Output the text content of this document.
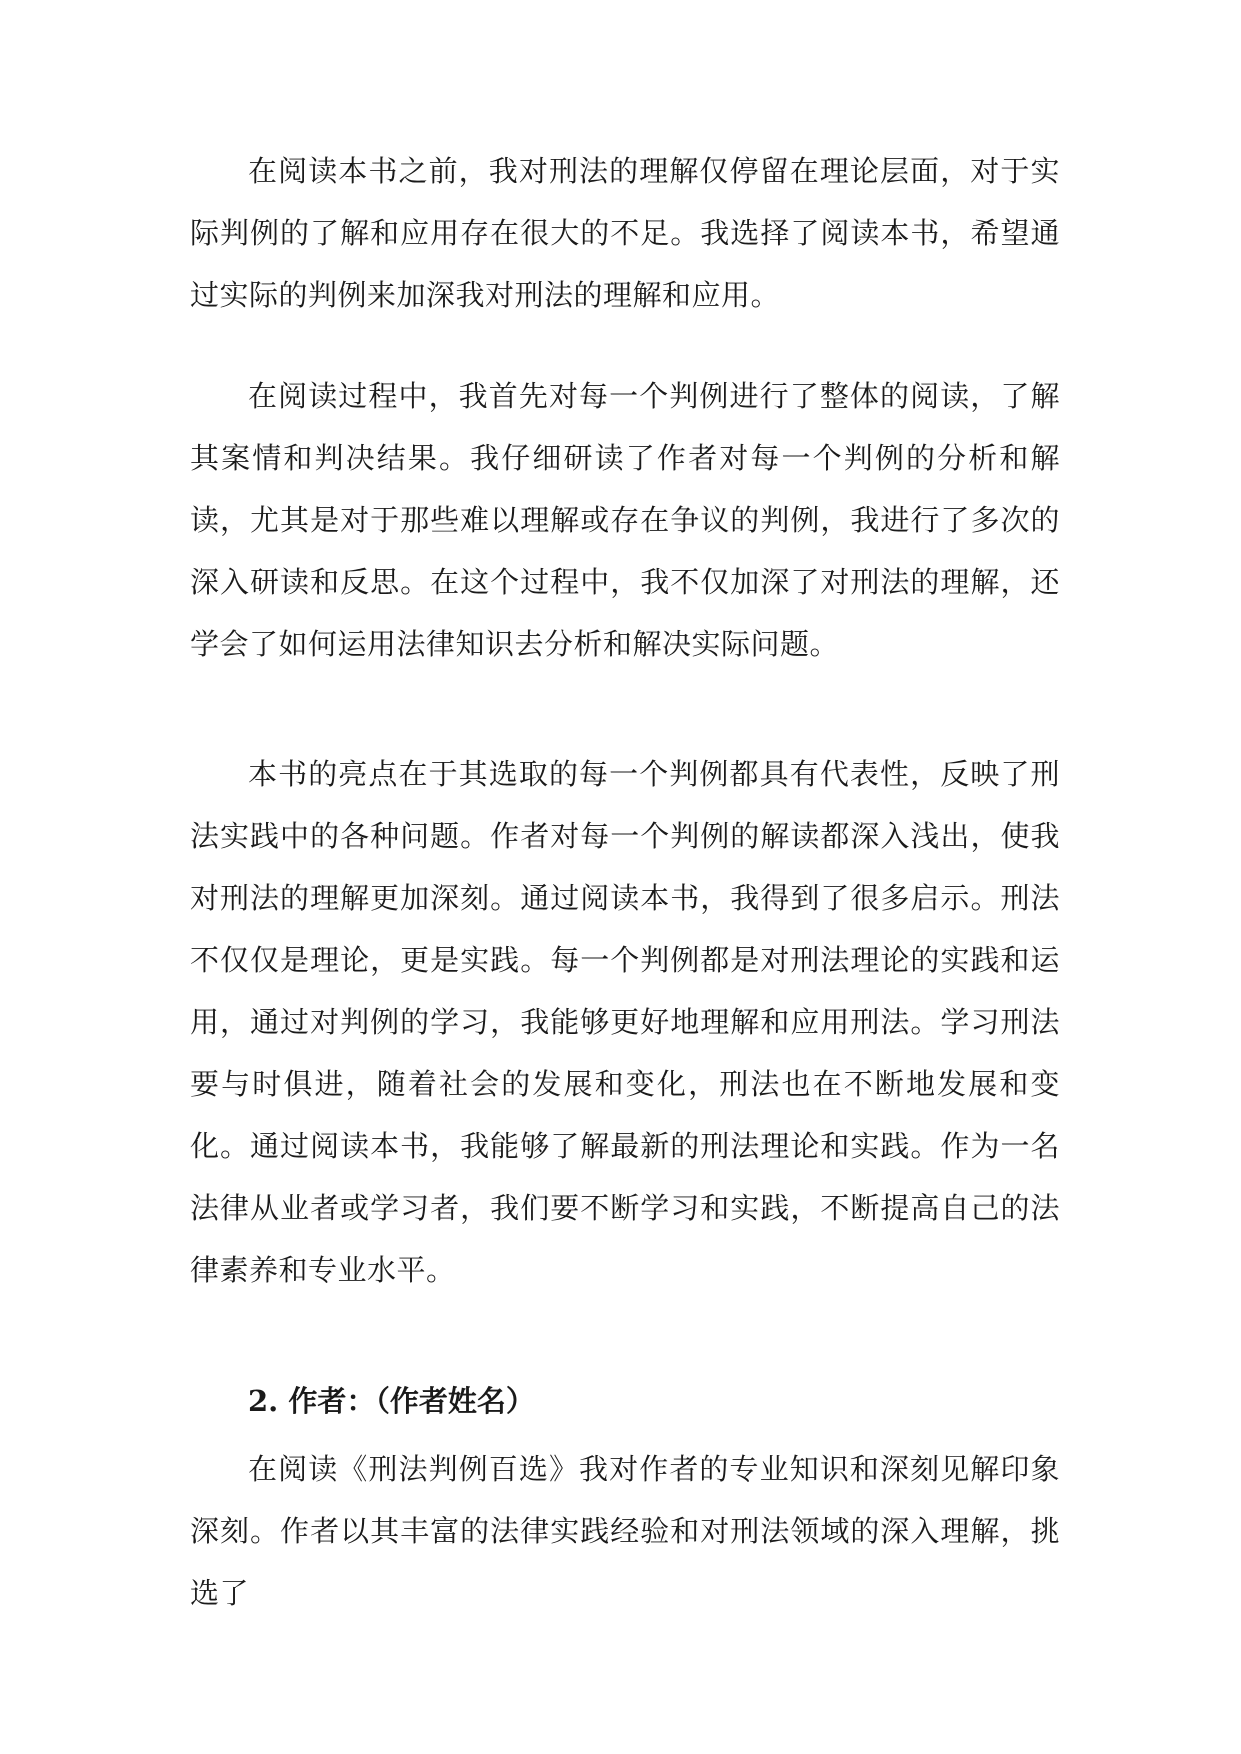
在阅读本书之前，我对刑法的理解仅停留在理论层面，对于实际判例的了解和应用存在很大的不足。我选择了阅读本书，希望通过实际的判例来加深我对刑法的理解和应用。

在阅读过程中，我首先对每一个判例进行了整体的阅读，了解其案情和判决结果。我仔细研读了作者对每一个判例的分析和解读，尤其是对于那些难以理解或存在争议的判例，我进行了多次的深入研读和反思。在这个过程中，我不仅加深了对刑法的理解，还学会了如何运用法律知识去分析和解决实际问题。

本书的亮点在于其选取的每一个判例都具有代表性，反映了刑法实践中的各种问题。作者对每一个判例的解读都深入浅出，使我对刑法的理解更加深刻。通过阅读本书，我得到了很多启示。刑法不仅仅是理论，更是实践。每一个判例都是对刑法理论的实践和运用，通过对判例的学习，我能够更好地理解和应用刑法。学习刑法要与时俱进，随着社会的发展和变化，刑法也在不断地发展和变化。通过阅读本书，我能够了解最新的刑法理论和实践。作为一名法律从业者或学习者，我们要不断学习和实践，不断提高自己的法律素养和专业水平。

2. 作者：（作者姓名）

在阅读《刑法判例百选》我对作者的专业知识和深刻见解印象深刻。作者以其丰富的法律实践经验和对刑法领域的深入理解，挑选了
